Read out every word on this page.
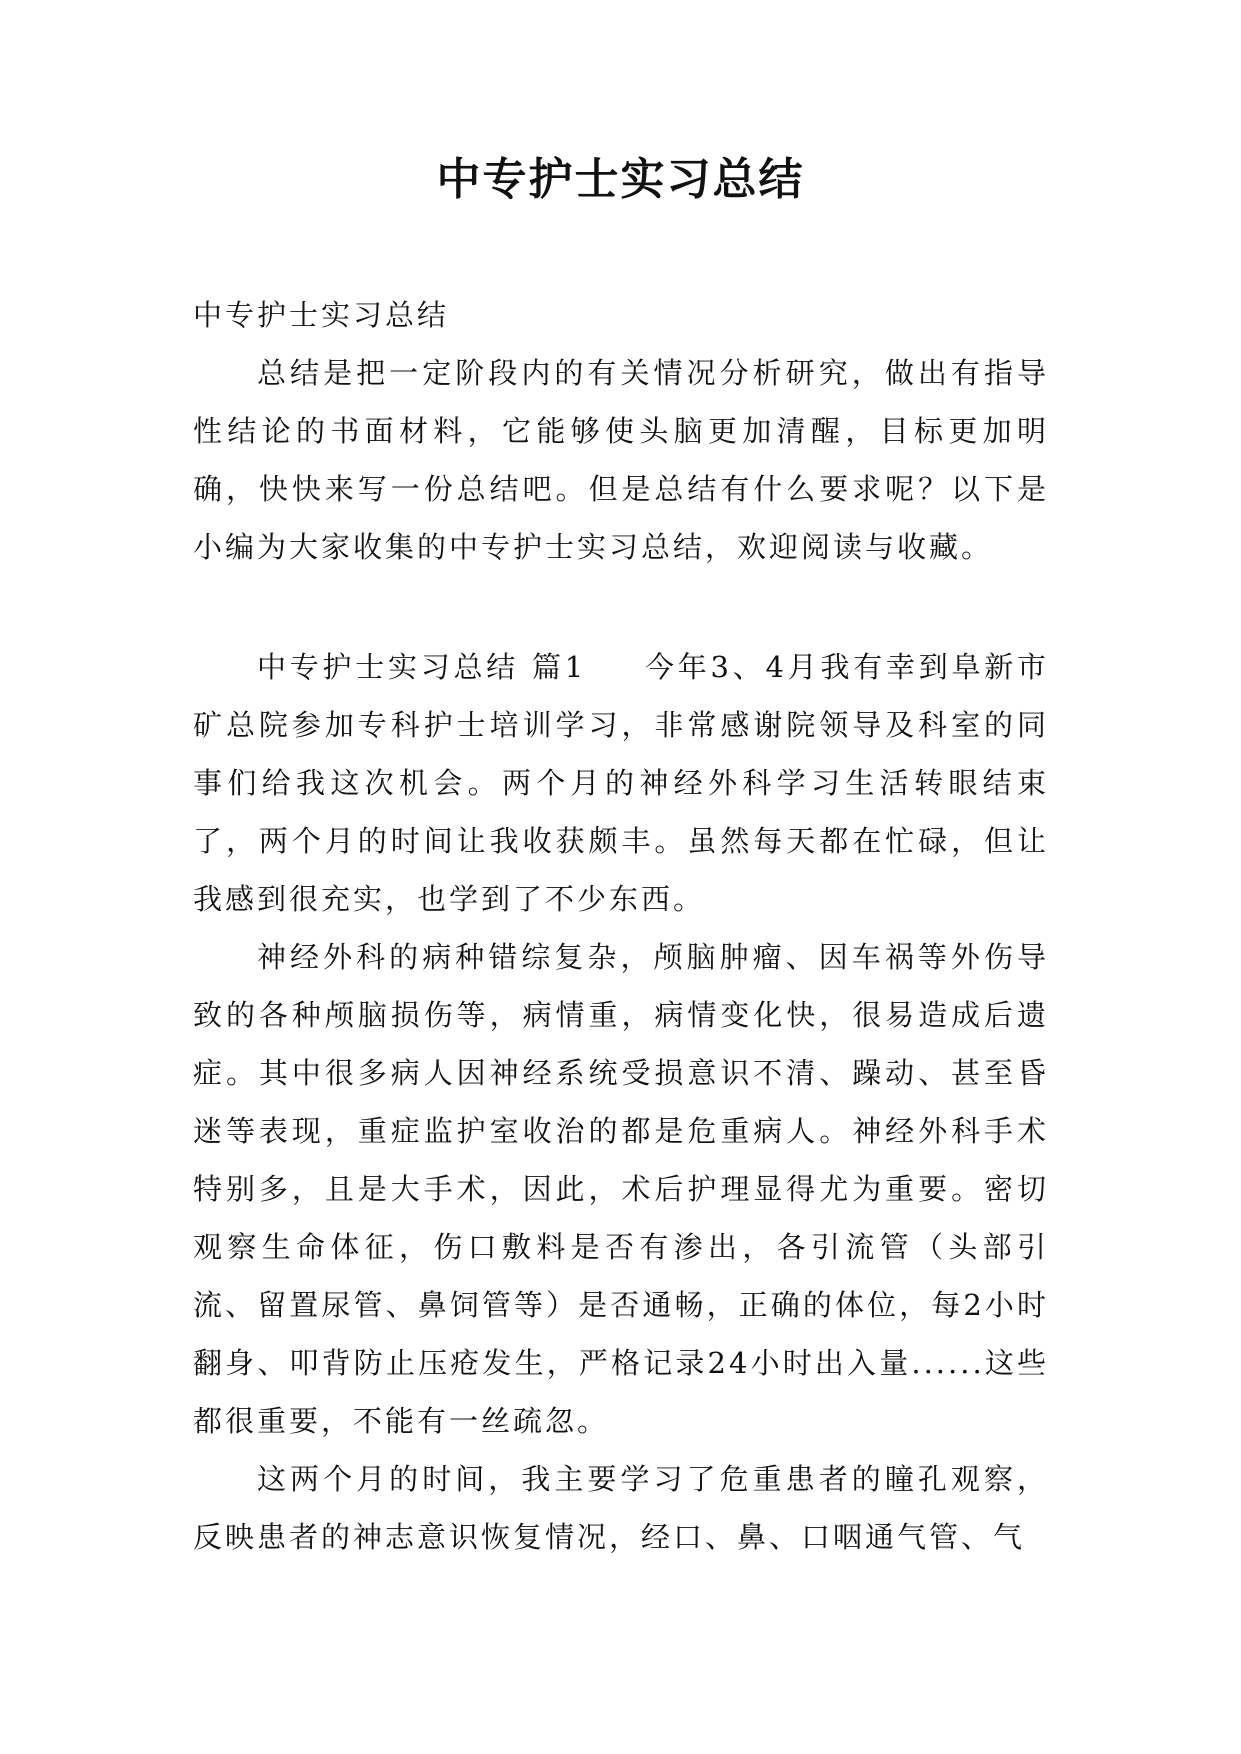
中专护士实习总结

中专护士实习总结

总结是把一定阶段内的有关情况分析研究，做出有指导性结论的书面材料，它能够使头脑更加清醒，目标更加明确，快快来写一份总结吧。但是总结有什么要求呢？以下是小编为大家收集的中专护士实习总结，欢迎阅读与收藏。

中专护士实习总结 篇1 今年3、4月我有幸到阜新市矿总院参加专科护士培训学习，非常感谢院领导及科室的同事们给我这次机会。两个月的神经外科学习生活转眼结束了，两个月的时间让我收获颇丰。虽然每天都在忙碌，但让我感到很充实，也学到了不少东西。

神经外科的病种错综复杂，颅脑肿瘤、因车祸等外伤导致的各种颅脑损伤等，病情重，病情变化快，很易造成后遗症。其中很多病人因神经系统受损意识不清、躁动、甚至昏迷等表现，重症监护室收治的都是危重病人。神经外科手术特别多，且是大手术，因此，术后护理显得尤为重要。密切观察生命体征，伤口敷料是否有渗出，各引流管（头部引流、留置尿管、鼻饲管等）是否通畅，正确的体位，每2小时翻身、叩背防止压疮发生，严格记录24小时出入量......这些都很重要，不能有一丝疏忽。

这两个月的时间，我主要学习了危重患者的瞳孔观察，反映患者的神志意识恢复情况，经口、鼻、口咽通气管、气
